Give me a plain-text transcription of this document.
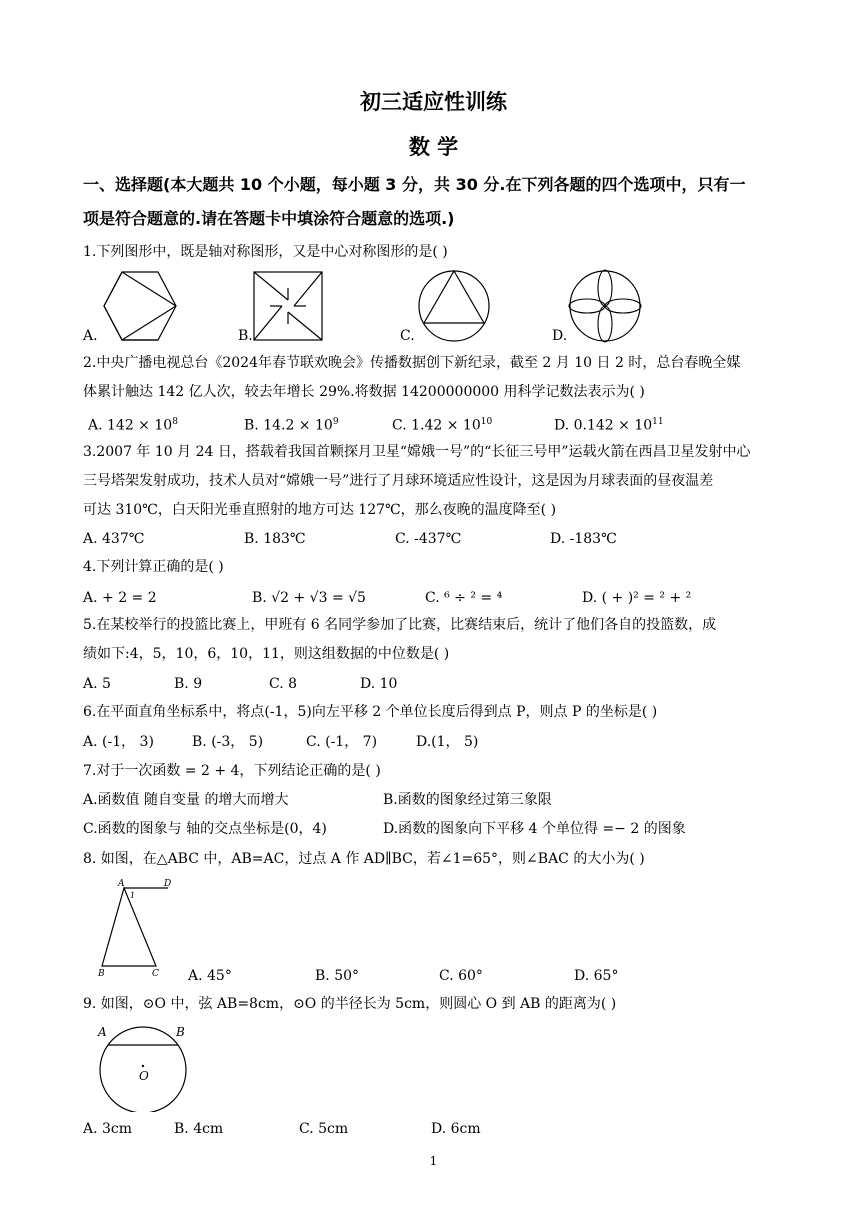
初三适应性训练
数 学
一、选择题(本大题共 10 个小题，每小题 3 分，共 30 分.在下列各题的四个选项中，只有一
项是符合题意的.请在答题卡中填涂符合题意的选项.)
1.下列图形中，既是轴对称图形，又是中心对称图形的是( )
A.	B.	C.	D.
2.中央广播电视总台《2024年春节联欢晚会》传播数据创下新纪录，截至 2 月 10 日 2 时，总台春晚全媒
体累计触达 142 亿人次，较去年增长 29%.将数据 14200000000 用科学记数法表示为( )
A. $142 \times 10^8$	B. $14.2 \times 10^9$	C. $1.42 \times 10^{10}$	D. $0.142 \times 10^{11}$
3.2007 年 10 月 24 日，搭载着我国首颗探月卫星“嫦娥一号”的“长征三号甲”运载火箭在西昌卫星发射中心
三号塔架发射成功，技术人员对“嫦娥一号”进行了月球环境适应性设计，这是因为月球表面的昼夜温差
可达 310℃，白天阳光垂直照射的地方可达 127℃，那么夜晚的温度降至( )
A. 437℃	B. 183℃	C. -437℃	D. -183℃
4.下列计算正确的是( )
A. + 2 = 2	B. √2 + √3 = √5	C. ⁶ ÷ ² = ⁴	D. ( + )² = ² + ²
5.在某校举行的投篮比赛上，甲班有 6 名同学参加了比赛，比赛结束后，统计了他们各自的投篮数，成
绩如下:4，5，10，6，10，11，则这组数据的中位数是( )
A. 5	B. 9	C. 8	D. 10
6.在平面直角坐标系中，将点(-1，5)向左平移 2 个单位长度后得到点 P，则点 P 的坐标是( )
A. (-1， 3)	B. (-3， 5)	C. (-1， 7)	D.(1， 5)
7.对于一次函数 = 2 + 4，下列结论正确的是( )
A.函数值 随自变量 的增大而增大	B.函数的图象经过第三象限
C.函数的图象与 轴的交点坐标是(0，4)	D.函数的图象向下平移 4 个单位得 =− 2 的图象
8. 如图，在△ABC 中，AB=AC，过点 A 作 AD∥BC，若∠1=65°，则∠BAC 的大小为( )
A	D
1
B	C A. 45°	B. 50°	C. 60°	D. 65°
9. 如图，⊙O 中，弦 AB=8cm，⊙O 的半径长为 5cm，则圆心 O 到 AB 的距离为( )
A	B
O
A. 3cm	B. 4cm	C. 5cm	D. 6cm
1
